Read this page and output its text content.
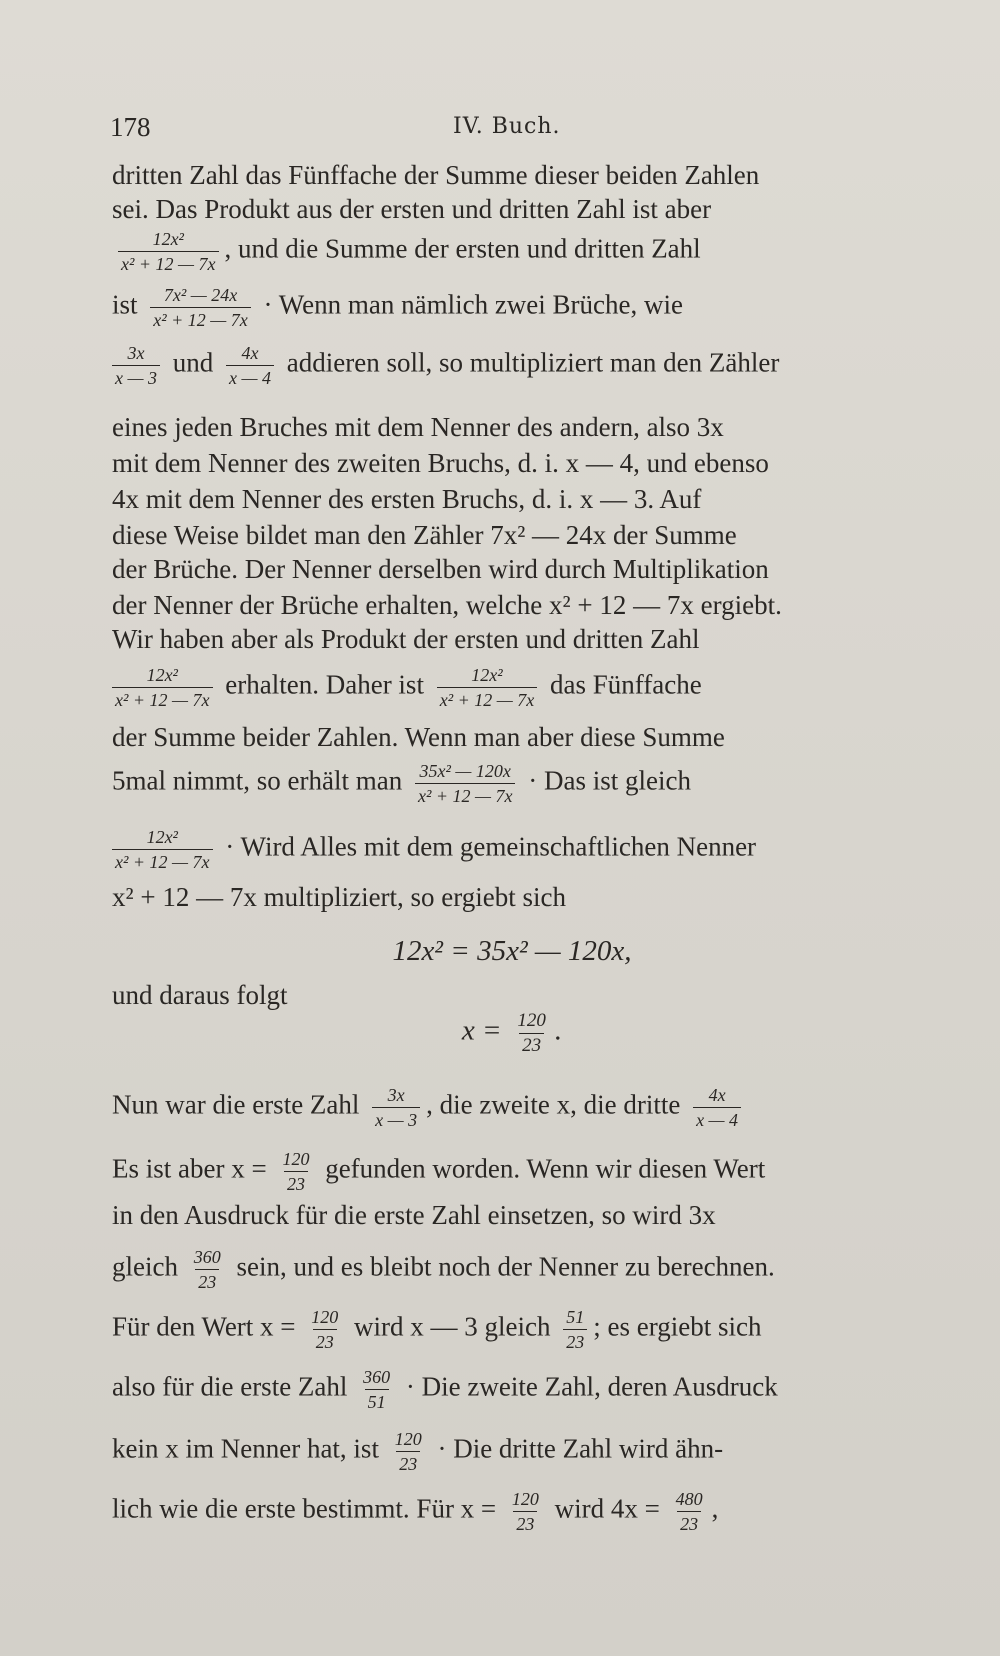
178	IV. Buch.
dritten Zahl das Fünffache der Summe dieser beiden Zahlen
sei. Das Produkt aus der ersten und dritten Zahl ist aber
$\frac{\text{12x²}}{\text{x² + 12 — 7x}}$ , und die Summe der ersten und dritten Zahl
ist $\frac{\text{7x² — 24x}}{\text{x² + 12 — 7x}}$ · Wenn man nämlich zwei Brüche, wie
$\frac{3x}{x — 3}$ und $\frac{4x}{x — 4}$ addieren soll, so multipliziert man den Zähler
eines jeden Bruches mit dem Nenner des andern, also 3x
mit dem Nenner des zweiten Bruchs, d. i. x — 4, und ebenso
4x mit dem Nenner des ersten Bruchs, d. i. x — 3. Auf
diese Weise bildet man den Zähler 7x² — 24x der Summe
der Brüche. Der Nenner derselben wird durch Multiplikation
der Nenner der Brüche erhalten, welche x² + 12 — 7x ergiebt.
Wir haben aber als Produkt der ersten und dritten Zahl
$\frac{\text{12x²}}{\text{x² + 12 — 7x}}$ erhalten. Daher ist $\frac{\text{12x²}}{\text{x² + 12 — 7x}}$ das Fünffache
der Summe beider Zahlen. Wenn man aber diese Summe
5mal nimmt, so erhält man $\frac{\text{35x² — 120x}}{\text{x² + 12 — 7x}}$ · Das ist gleich
$\frac{\text{12x²}}{\text{x² + 12 — 7x}}$ · Wird Alles mit dem gemeinschaftlichen Nenner
x² + 12 — 7x multipliziert, so ergiebt sich
12x² = 35x² — 120x,
und daraus folgt
$x = \frac{120}{23}$ .
Nun war die erste Zahl $\frac{3x}{x — 3}$ , die zweite x, die dritte $\frac{4x}{x — 4}$
Es ist aber $x = \frac{120}{23}$ gefunden worden. Wenn wir diesen Wert
in den Ausdruck für die erste Zahl einsetzen, so wird 3x
gleich $\frac{360}{23}$ sein, und es bleibt noch der Nenner zu berechnen.
Für den Wert $x = \frac{120}{23}$ wird x — 3 gleich $\frac{51}{23}$ ; es ergiebt sich
also für die erste Zahl $\frac{360}{51}$ · Die zweite Zahl, deren Ausdruck
kein x im Nenner hat, ist $\frac{120}{23}$ · Die dritte Zahl wird ähn-
lich wie die erste bestimmt. Für $x = \frac{120}{23}$ wird $4x = \frac{480}{23}$ ,
